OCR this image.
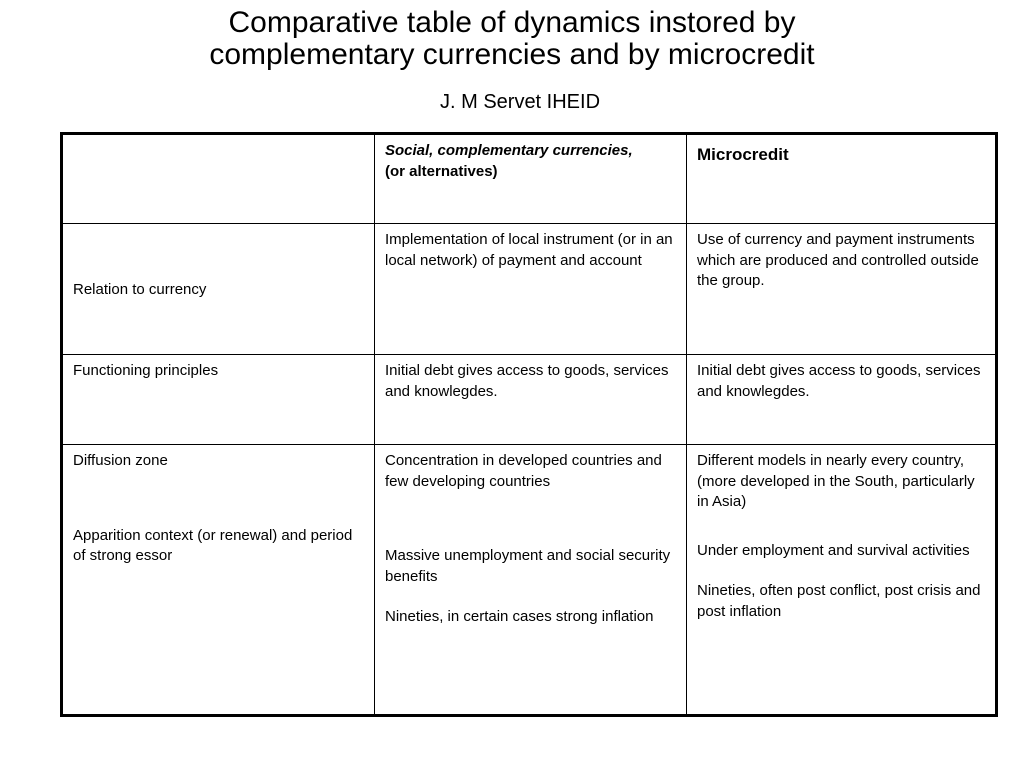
Comparative table of dynamics instored by
complementary currencies and by microcredit
J. M Servet IHEID
Social, complementary currencies,
(or alternatives)
Microcredit
Relation to currency
Implementation of local instrument (or in an local network) of payment and account
Use of currency and payment instruments which are produced and controlled outside the group.
Functioning principles	Initial debt gives access to goods, services and knowlegdes.
Initial debt gives access to goods, services and knowlegdes.

Diffusion zone

Apparition context (or renewal) and period of strong essor

Concentration in developed countries and few developing countries

Massive unemployment and social security benefits

Nineties, in certain cases strong inflation

Different models in nearly every country, (more developed in the South, particularly in Asia)

Under employment and survival activities

Nineties, often post conflict, post crisis and post inflation
